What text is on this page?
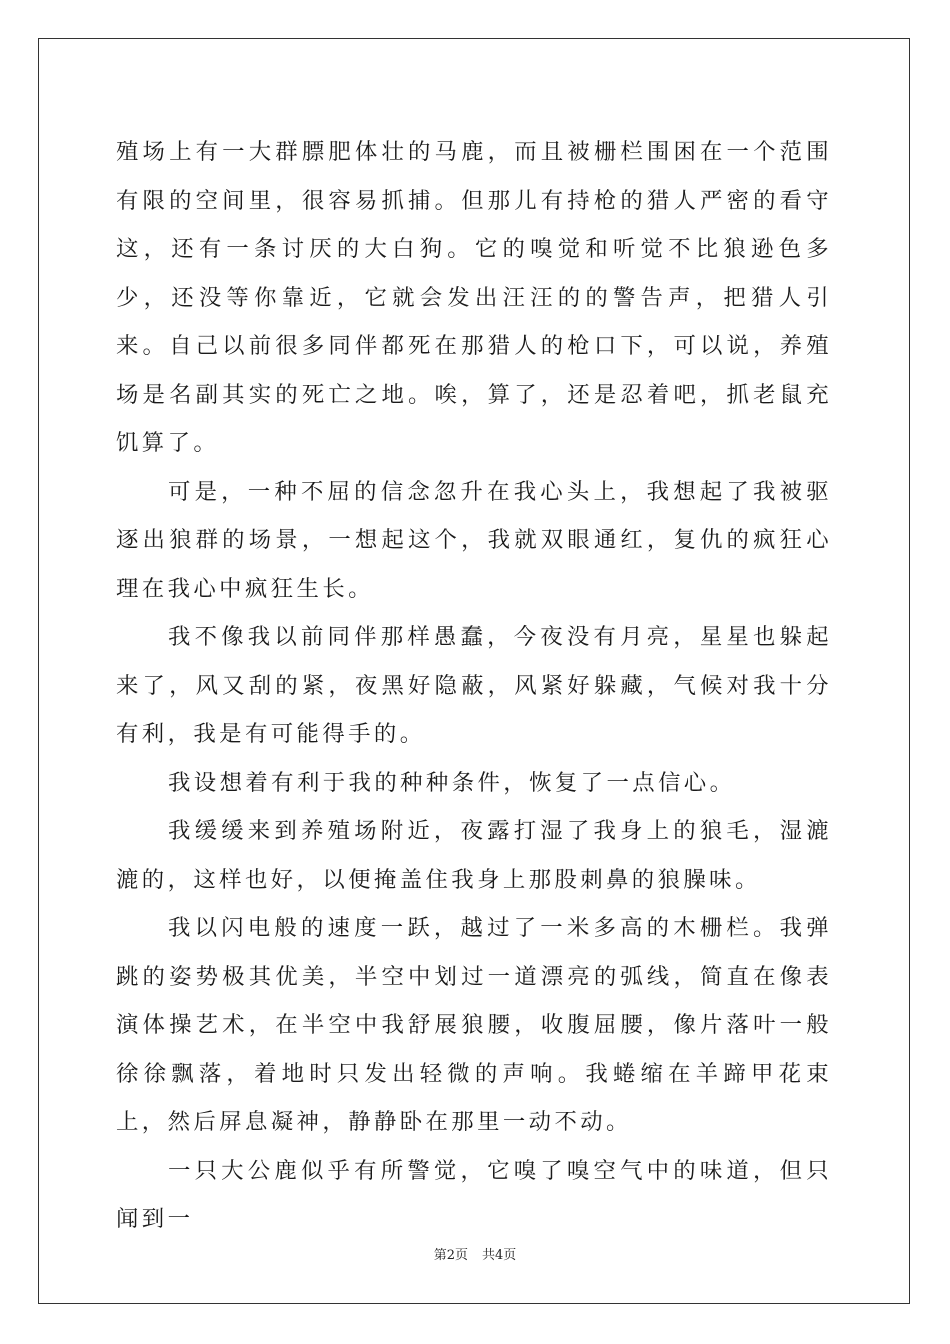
殖场上有一大群膘肥体壮的马鹿，而且被栅栏围困在一个范围有限的空间里，很容易抓捕。但那儿有持枪的猎人严密的看守这，还有一条讨厌的大白狗。它的嗅觉和听觉不比狼逊色多少，还没等你靠近，它就会发出汪汪的的警告声，把猎人引来。自己以前很多同伴都死在那猎人的枪口下，可以说，养殖场是名副其实的死亡之地。唉，算了，还是忍着吧，抓老鼠充饥算了。

可是，一种不屈的信念忽升在我心头上，我想起了我被驱逐出狼群的场景，一想起这个，我就双眼通红，复仇的疯狂心理在我心中疯狂生长。

我不像我以前同伴那样愚蠢，今夜没有月亮，星星也躲起来了，风又刮的紧，夜黑好隐蔽，风紧好躲藏，气候对我十分有利，我是有可能得手的。

我设想着有利于我的种种条件，恢复了一点信心。

我缓缓来到养殖场附近，夜露打湿了我身上的狼毛，湿漉漉的，这样也好，以便掩盖住我身上那股刺鼻的狼臊味。

我以闪电般的速度一跃，越过了一米多高的木栅栏。我弹跳的姿势极其优美，半空中划过一道漂亮的弧线，简直在像表演体操艺术，在半空中我舒展狼腰，收腹屈腰，像片落叶一般徐徐飘落，着地时只发出轻微的声响。我蜷缩在羊蹄甲花束上，然后屏息凝神，静静卧在那里一动不动。

一只大公鹿似乎有所警觉，它嗅了嗅空气中的味道，但只闻到一

第2页 共4页
